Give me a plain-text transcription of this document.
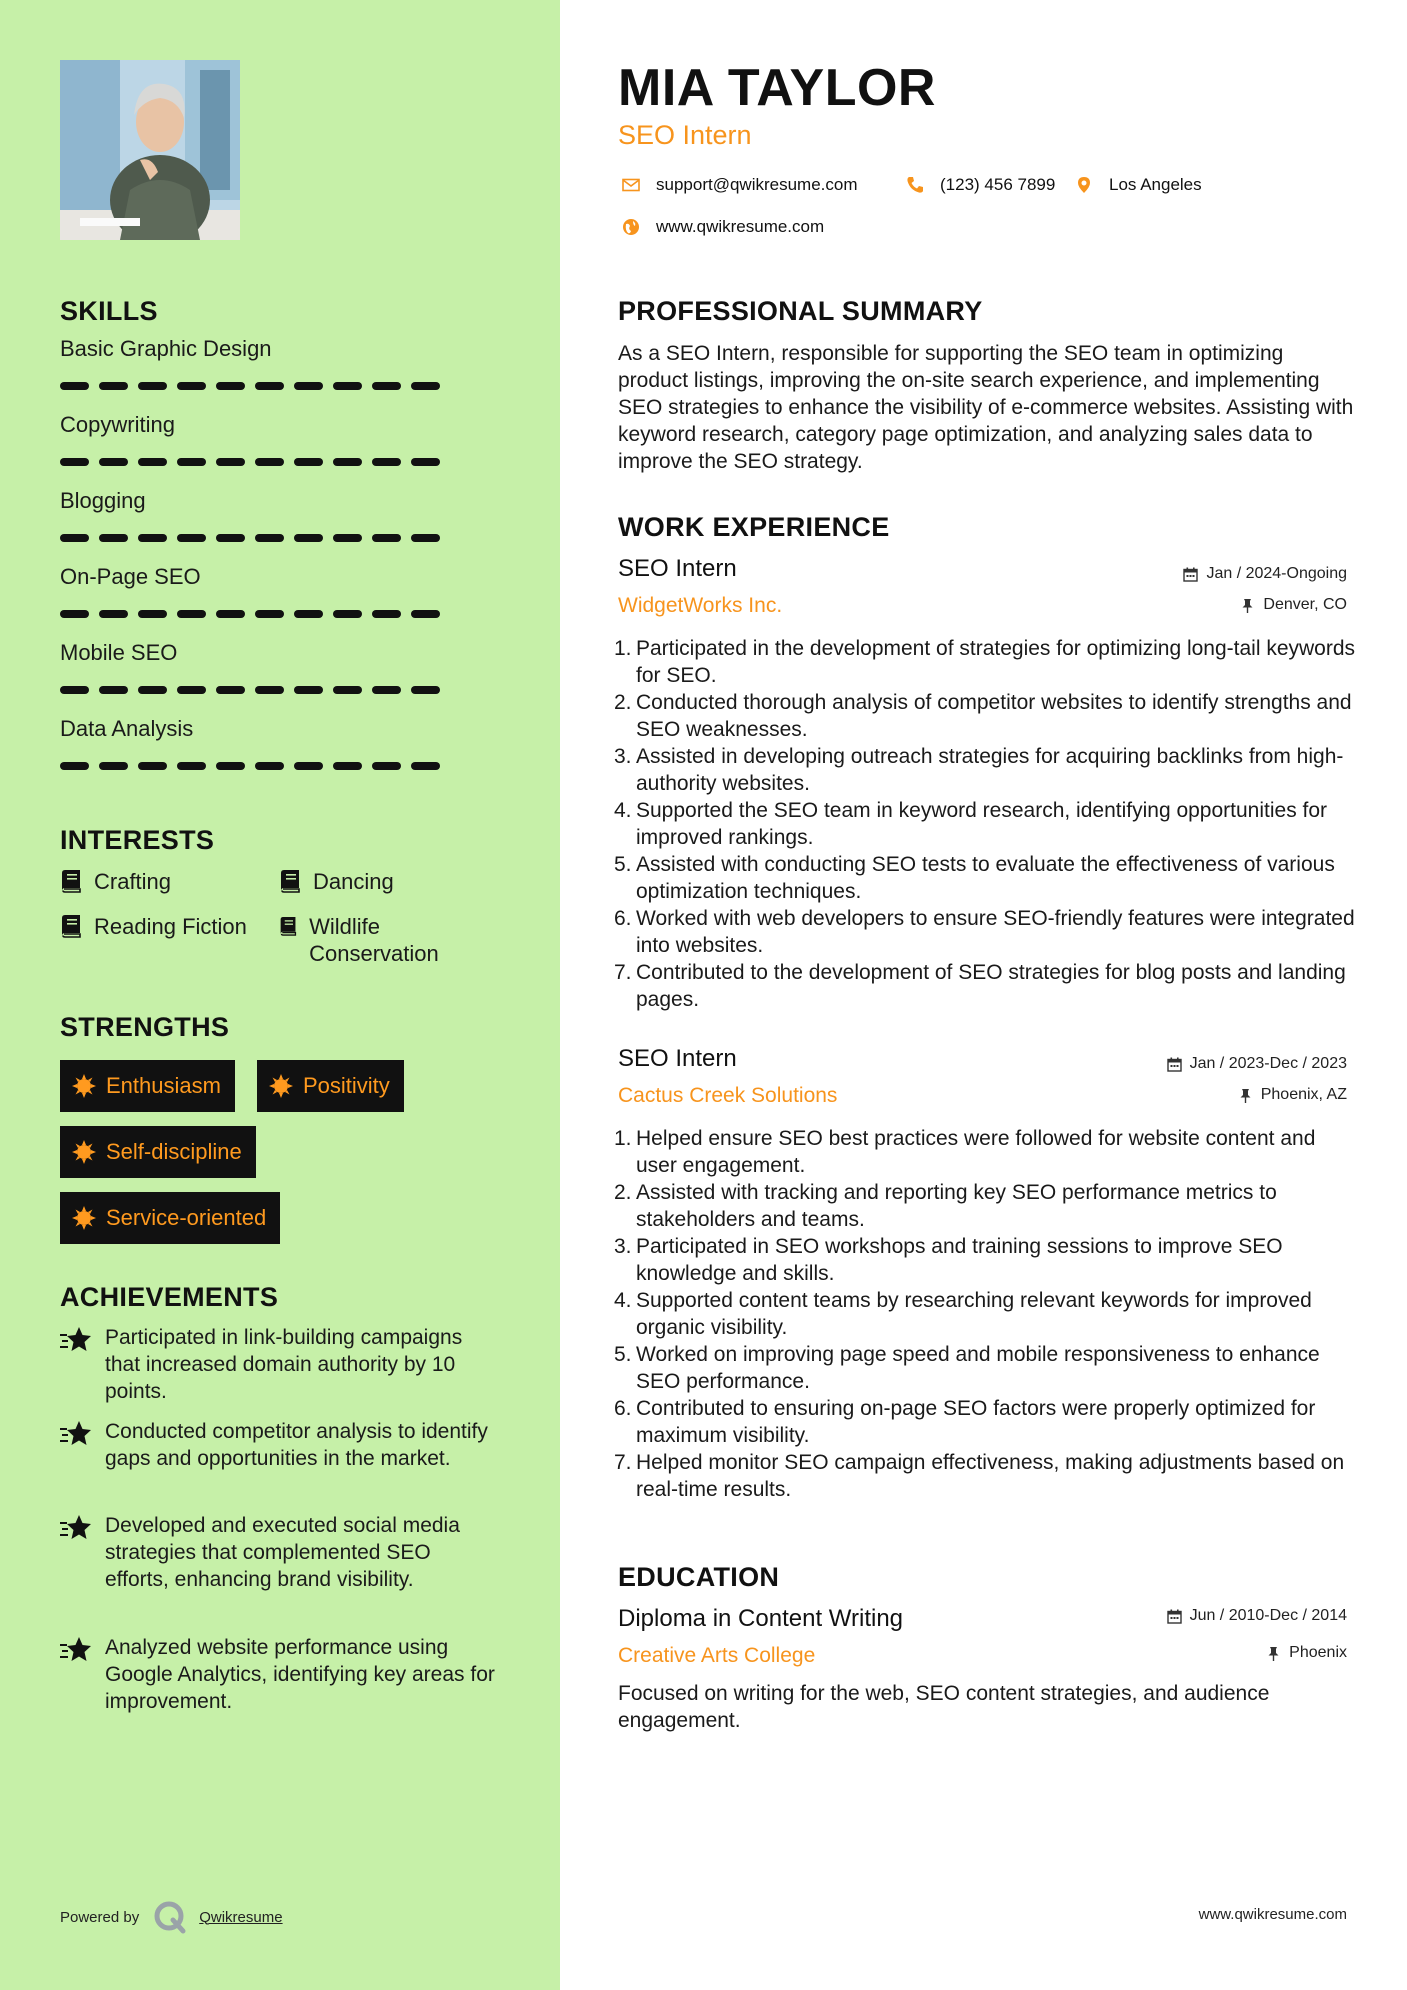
SKILLS
Basic Graphic Design
Copywriting
Blogging
On-Page SEO
Mobile SEO
Data Analysis
INTERESTS
Crafting	Dancing
Reading Fiction	Wildlife Conservation
STRENGTHS
Enthusiasm	Positivity
Self-discipline
Service-oriented
ACHIEVEMENTS
Participated in link-building campaigns that increased domain authority by 10 points.
Conducted competitor analysis to identify gaps and opportunities in the market.
Developed and executed social media strategies that complemented SEO efforts, enhancing brand visibility.
Analyzed website performance using Google Analytics, identifying key areas for improvement.
Powered by	Qwikresume
MIA TAYLOR
SEO Intern
support@qwikresume.com	(123) 456 7899	Los Angeles
www.qwikresume.com
PROFESSIONAL SUMMARY
As a SEO Intern, responsible for supporting the SEO team in optimizing product listings, improving the on-site search experience, and implementing SEO strategies to enhance the visibility of e-commerce websites. Assisting with keyword research, category page optimization, and analyzing sales data to improve the SEO strategy.
WORK EXPERIENCE
SEO Intern	Jan / 2024-Ongoing
WidgetWorks Inc.	Denver, CO
1. Participated in the development of strategies for optimizing long-tail keywords for SEO.
2. Conducted thorough analysis of competitor websites to identify strengths and SEO weaknesses.
3. Assisted in developing outreach strategies for acquiring backlinks from high-authority websites.
4. Supported the SEO team in keyword research, identifying opportunities for improved rankings.
5. Assisted with conducting SEO tests to evaluate the effectiveness of various optimization techniques.
6. Worked with web developers to ensure SEO-friendly features were integrated into websites.
7. Contributed to the development of SEO strategies for blog posts and landing pages.
SEO Intern	Jan / 2023-Dec / 2023
Cactus Creek Solutions	Phoenix, AZ
1. Helped ensure SEO best practices were followed for website content and user engagement.
2. Assisted with tracking and reporting key SEO performance metrics to stakeholders and teams.
3. Participated in SEO workshops and training sessions to improve SEO knowledge and skills.
4. Supported content teams by researching relevant keywords for improved organic visibility.
5. Worked on improving page speed and mobile responsiveness to enhance SEO performance.
6. Contributed to ensuring on-page SEO factors were properly optimized for maximum visibility.
7. Helped monitor SEO campaign effectiveness, making adjustments based on real-time results.
EDUCATION
Diploma in Content Writing	Jun / 2010-Dec / 2014
Creative Arts College	Phoenix
Focused on writing for the web, SEO content strategies, and audience engagement.
www.qwikresume.com
